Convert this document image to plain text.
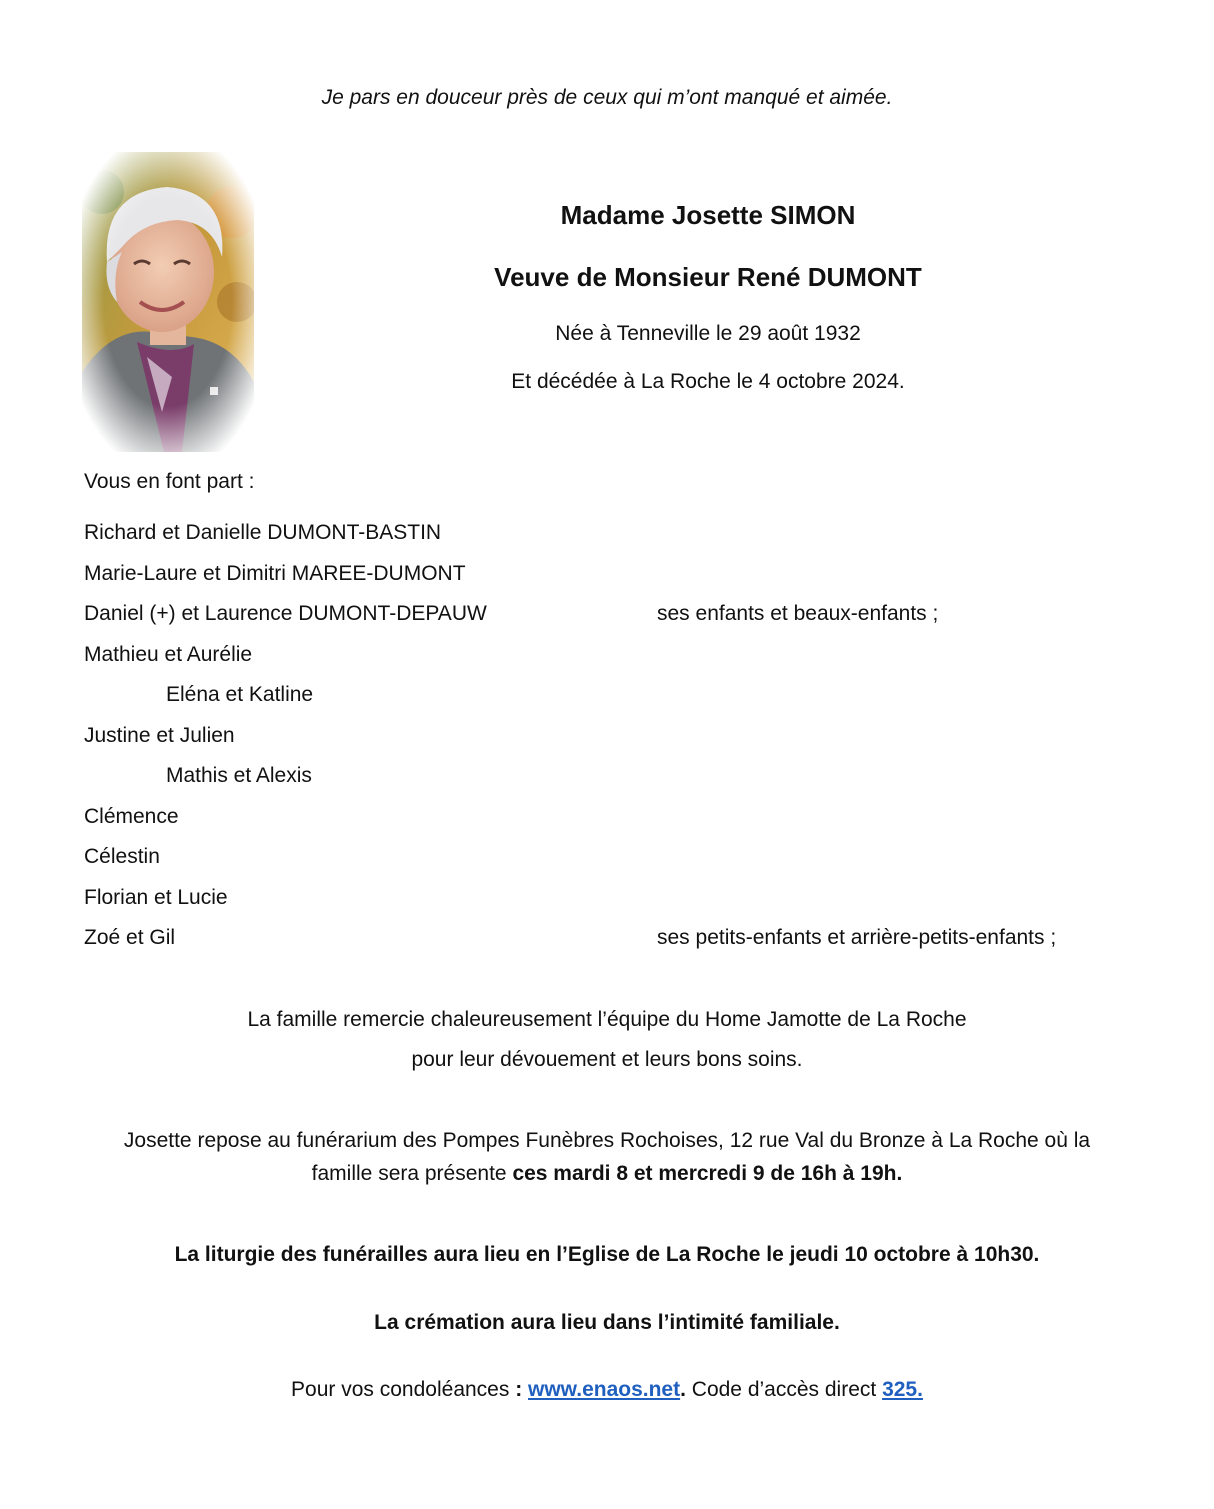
Je pars en douceur près de ceux qui m’ont manqué et aimée.
Madame Josette SIMON
Veuve de Monsieur René DUMONT
Née à Tenneville le 29 août 1932
Et décédée à La Roche le 4 octobre 2024.
Vous en font part :
Richard et Danielle DUMONT-BASTIN
Marie-Laure et Dimitri MAREE-DUMONT
Daniel (+) et Laurence DUMONT-DEPAUW	ses enfants et beaux-enfants ;
Mathieu et Aurélie
Eléna et Katline
Justine et Julien
Mathis et Alexis
Clémence
Célestin
Florian et Lucie
Zoé et Gil	ses petits-enfants et arrière-petits-enfants ;
La famille remercie chaleureusement l’équipe du Home Jamotte de La Roche
pour leur dévouement et leurs bons soins.
Josette repose au funérarium des Pompes Funèbres Rochoises, 12 rue Val du Bronze à La Roche où la
famille sera présente ces mardi 8 et mercredi 9 de 16h à 19h.
La liturgie des funérailles aura lieu en l’Eglise de La Roche le jeudi 10 octobre à 10h30.
La crémation aura lieu dans l’intimité familiale.
Pour vos condoléances : www.enaos.net. Code d’accès direct 325.
